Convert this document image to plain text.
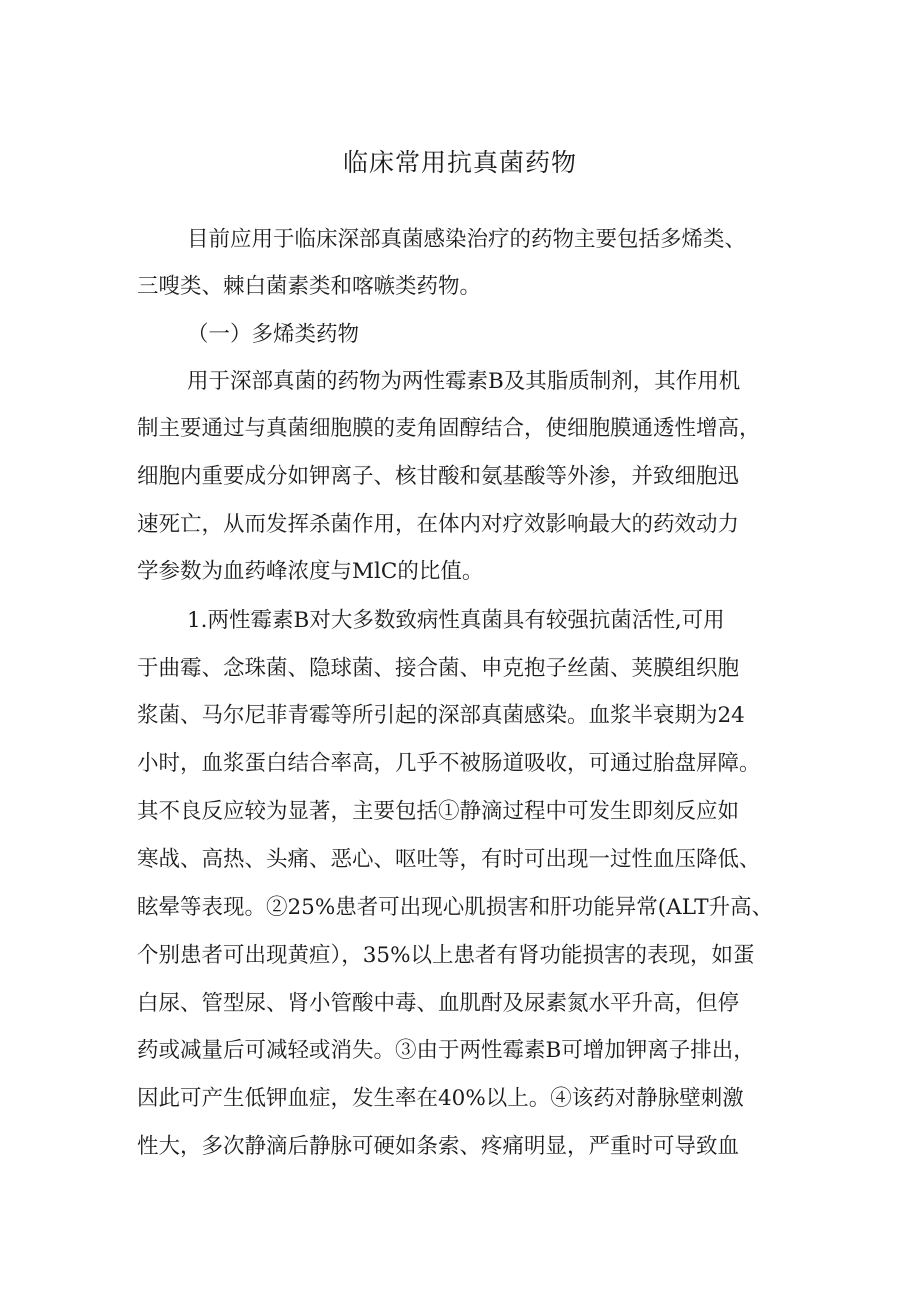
临床常用抗真菌药物

目前应用于临床深部真菌感染治疗的药物主要包括多烯类、

三嗖类、棘白菌素类和喀嗾类药物。

（一）多烯类药物

用于深部真菌的药物为两性霉素B及其脂质制剂，其作用机

制主要通过与真菌细胞膜的麦角固醇结合，使细胞膜通透性增高，

细胞内重要成分如钾离子、核甘酸和氨基酸等外渗，并致细胞迅

速死亡，从而发挥杀菌作用，在体内对疗效影响最大的药效动力

学参数为血药峰浓度与MlC的比值。

1.两性霉素B对大多数致病性真菌具有较强抗菌活性,可用

于曲霉、念珠菌、隐球菌、接合菌、申克抱子丝菌、荚膜组织胞

浆菌、马尔尼菲青霉等所引起的深部真菌感染。血浆半衰期为24

小时，血浆蛋白结合率高，几乎不被肠道吸收，可通过胎盘屏障。

其不良反应较为显著，主要包括①静滴过程中可发生即刻反应如

寒战、高热、头痛、恶心、呕吐等，有时可出现一过性血压降低、

眩晕等表现。②25%患者可出现心肌损害和肝功能异常(ALT升高、

个别患者可出现黄疸），35%以上患者有肾功能损害的表现，如蛋

白尿、管型尿、肾小管酸中毒、血肌酎及尿素氮水平升高，但停

药或减量后可减轻或消失。③由于两性霉素B可增加钾离子排出，

因此可产生低钾血症，发生率在40%以上。④该药对静脉壁刺激

性大，多次静滴后静脉可硬如条索、疼痛明显，严重时可导致血
